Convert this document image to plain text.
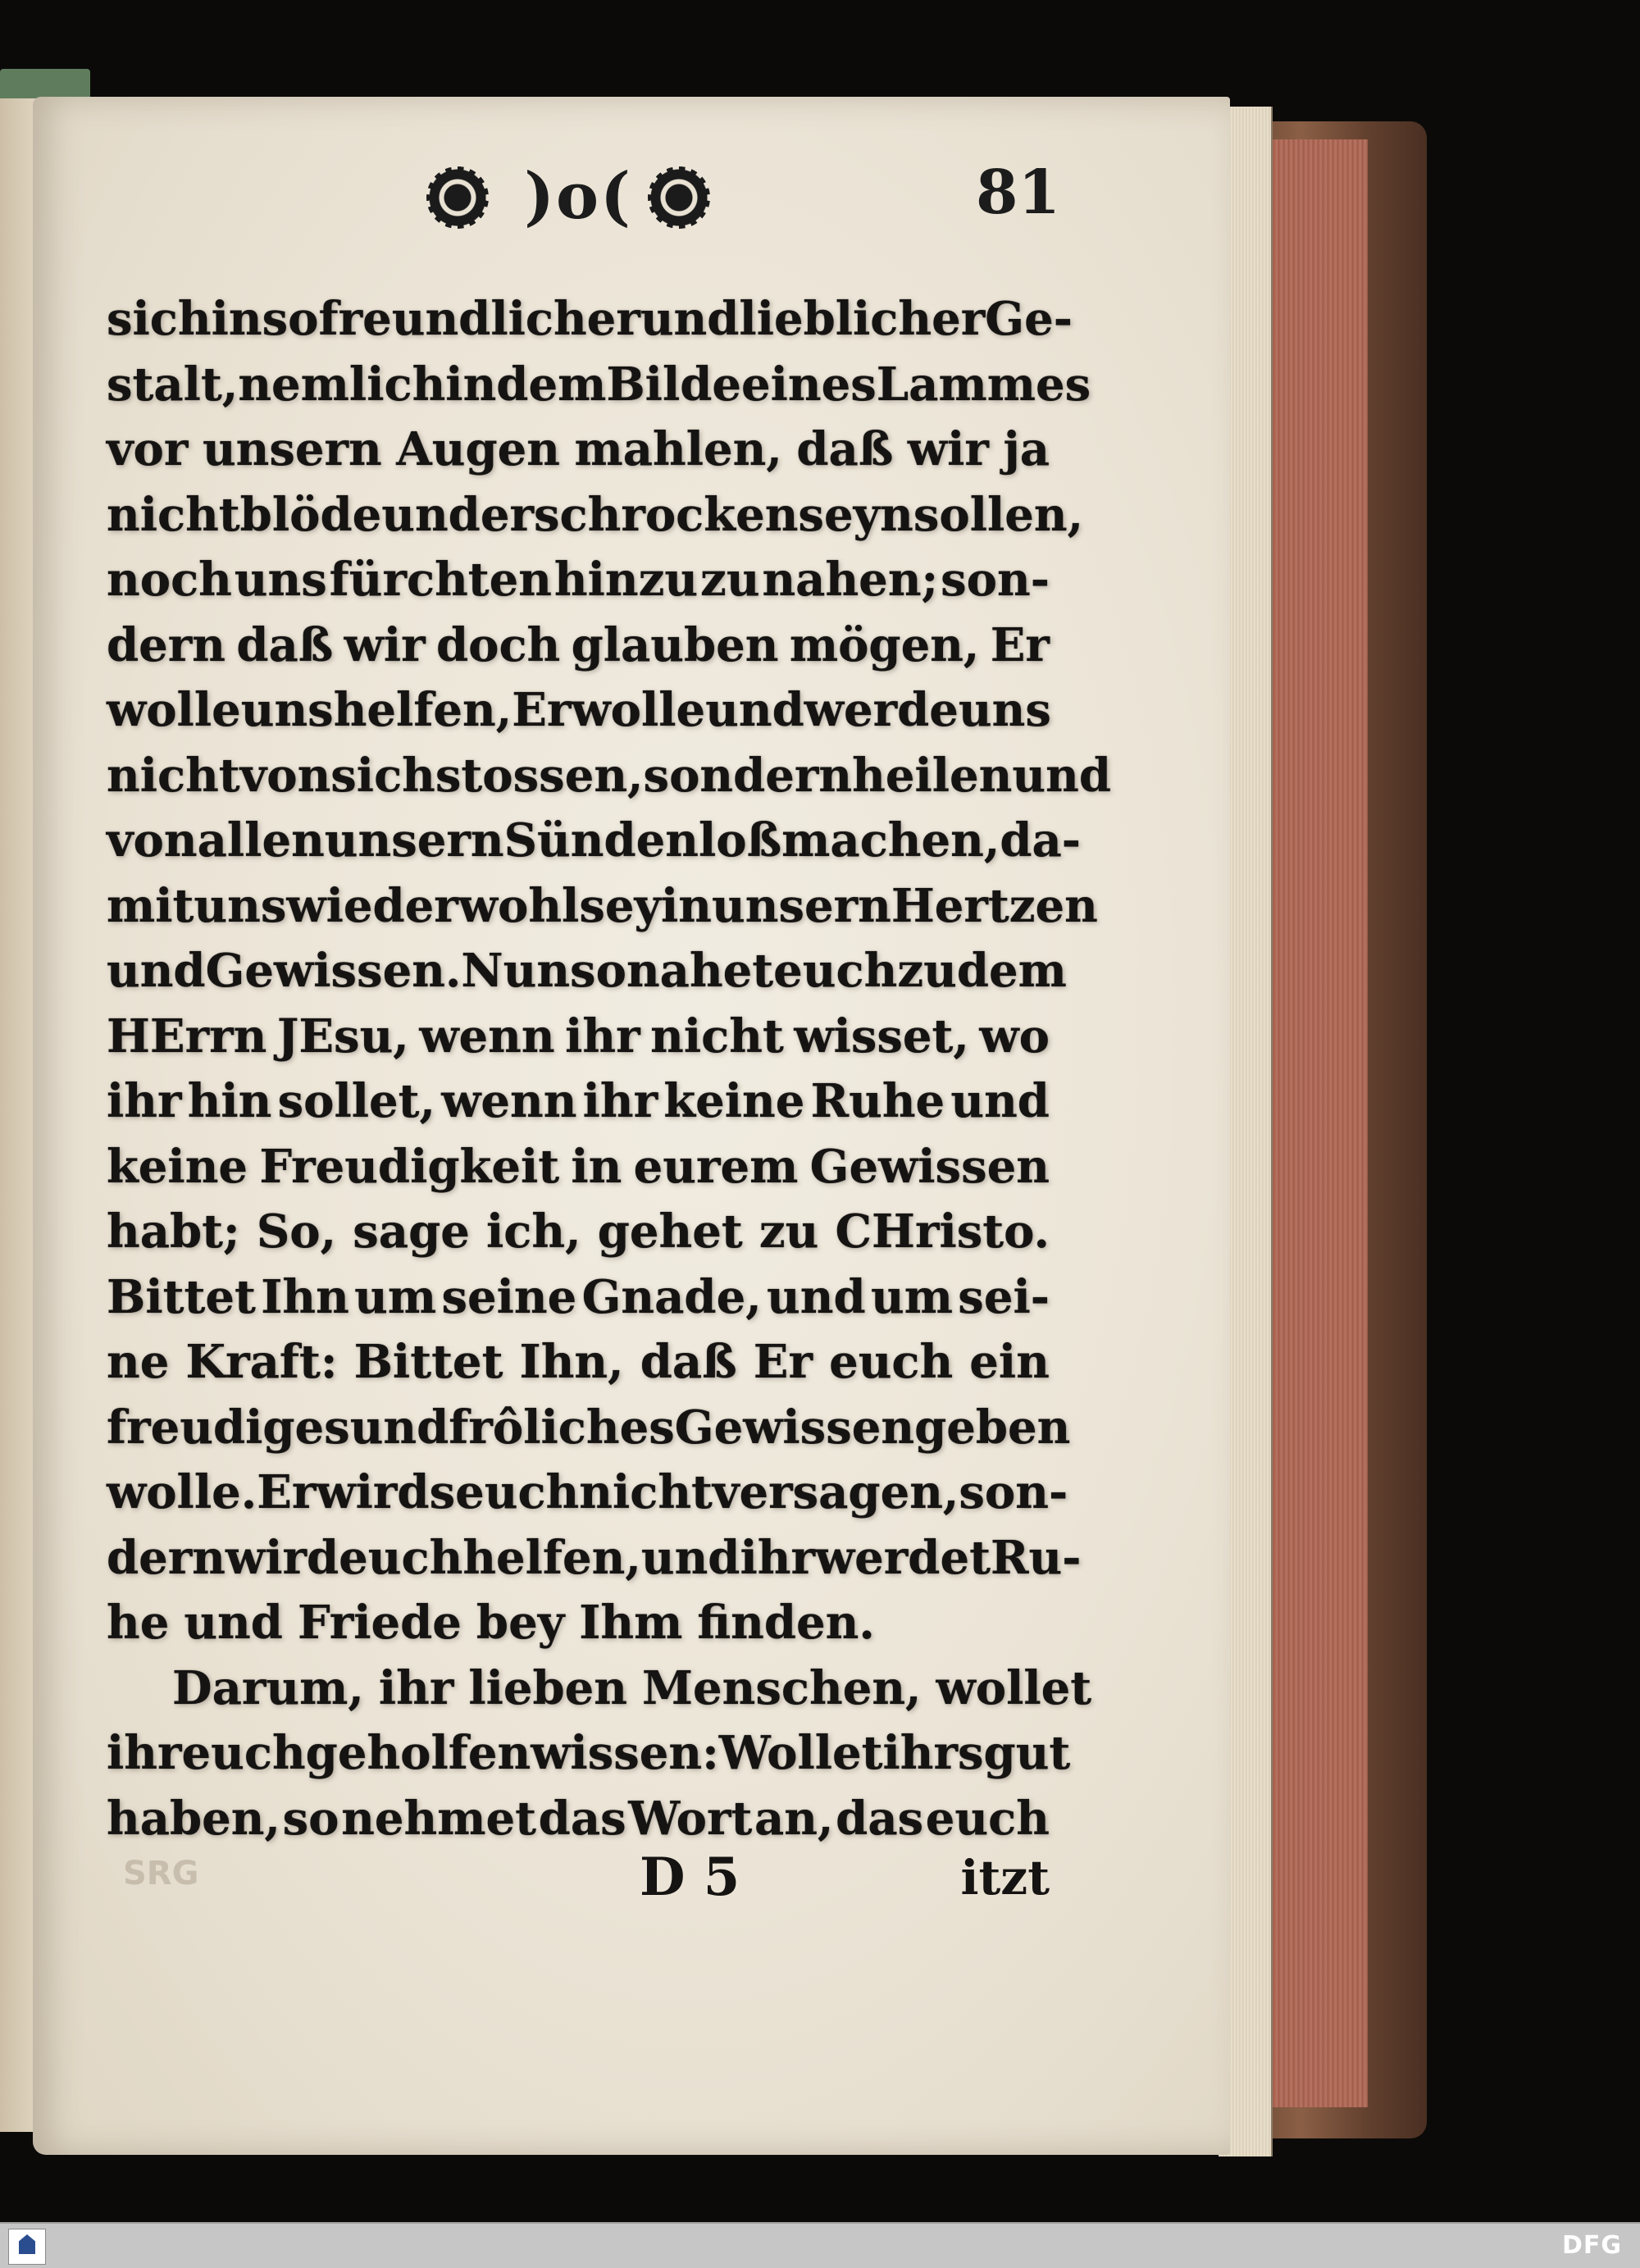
)o(	81
sich in so freundlicher und lieblicher Ge-
stalt, nemlich in dem Bilde eines Lammes
vor unsern Augen mahlen, daß wir ja
nicht blöde und erschrocken seyn sollen,
noch uns fürchten hinzu zu nahen; son-
dern daß wir doch glauben mögen, Er
wolle uns helfen, Er wolle und werde uns
nicht von sich stossen, sondern heilen und
von allen unsern Sünden loß machen, da-
mit uns wieder wohl sey in unsern Hertzen
und Gewissen. Nun so nahet euch zu dem
HErrn JEsu, wenn ihr nicht wisset, wo
ihr hin sollet, wenn ihr keine Ruhe und
keine Freudigkeit in eurem Gewissen
habt; So, sage ich, gehet zu CHristo.
Bittet Ihn um seine Gnade, und um sei-
ne Kraft: Bittet Ihn, daß Er euch ein
freudiges und frôliches Gewissen geben
wolle. Er wirds euch nicht versagen, son-
dern wird euch helfen, und ihr werdet Ru-
he und Friede bey Ihm finden.
Darum, ihr lieben Menschen, wollet
ihr euch geholfen wissen: Wollet ihrs gut
haben, so nehmet das Wort an, das euch
SRG	D 5	itzt
DFG
